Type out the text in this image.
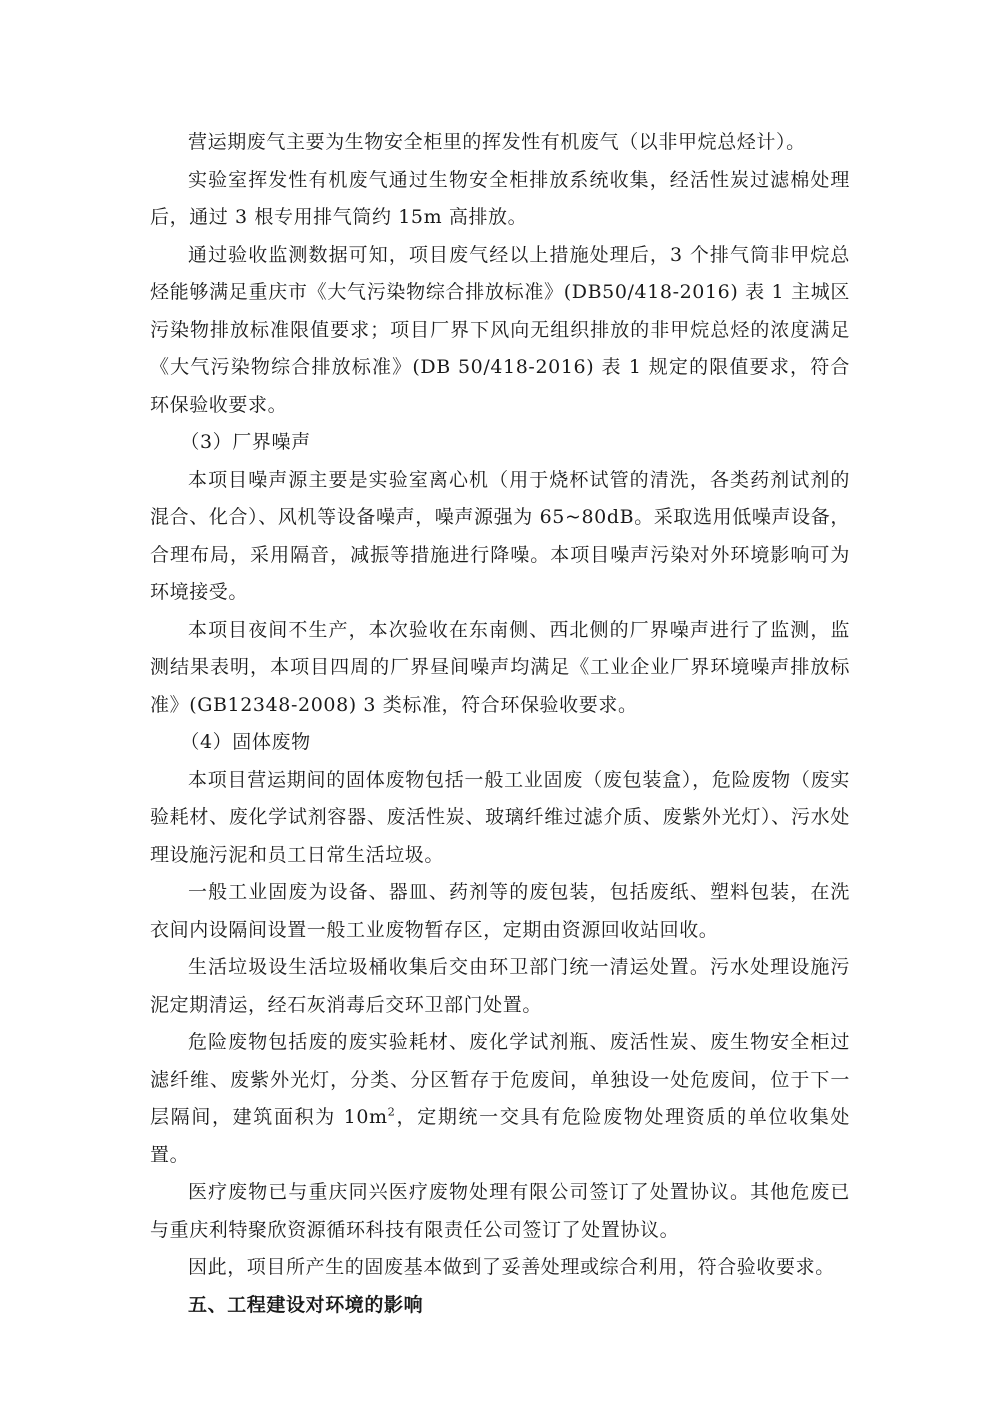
营运期废气主要为生物安全柜里的挥发性有机废气（以非甲烷总烃计）。

实验室挥发性有机废气通过生物安全柜排放系统收集，经活性炭过滤棉处理后，通过 3 根专用排气筒约 15m 高排放。

通过验收监测数据可知，项目废气经以上措施处理后，3 个排气筒非甲烷总烃能够满足重庆市《大气污染物综合排放标准》(DB50/418-2016) 表 1 主城区污染物排放标准限值要求；项目厂界下风向无组织排放的非甲烷总烃的浓度满足《大气污染物综合排放标准》(DB 50/418-2016) 表 1 规定的限值要求，符合环保验收要求。

（3）厂界噪声

本项目噪声源主要是实验室离心机（用于烧杯试管的清洗，各类药剂试剂的混合、化合）、风机等设备噪声，噪声源强为 65~80dB。采取选用低噪声设备，合理布局，采用隔音，减振等措施进行降噪。本项目噪声污染对外环境影响可为环境接受。

本项目夜间不生产，本次验收在东南侧、西北侧的厂界噪声进行了监测，监测结果表明，本项目四周的厂界昼间噪声均满足《工业企业厂界环境噪声排放标准》(GB12348-2008) 3 类标准，符合环保验收要求。

（4）固体废物

本项目营运期间的固体废物包括一般工业固废（废包装盒），危险废物（废实验耗材、废化学试剂容器、废活性炭、玻璃纤维过滤介质、废紫外光灯）、污水处理设施污泥和员工日常生活垃圾。

一般工业固废为设备、器皿、药剂等的废包装，包括废纸、塑料包装，在洗衣间内设隔间设置一般工业废物暂存区，定期由资源回收站回收。

生活垃圾设生活垃圾桶收集后交由环卫部门统一清运处置。污水处理设施污泥定期清运，经石灰消毒后交环卫部门处置。

危险废物包括废的废实验耗材、废化学试剂瓶、废活性炭、废生物安全柜过滤纤维、废紫外光灯，分类、分区暂存于危废间，单独设一处危废间，位于下一层隔间，建筑面积为 $10m^2$，定期统一交具有危险废物处理资质的单位收集处置。

医疗废物已与重庆同兴医疗废物处理有限公司签订了处置协议。其他危废已与重庆利特聚欣资源循环科技有限责任公司签订了处置协议。

因此，项目所产生的固废基本做到了妥善处理或综合利用，符合验收要求。

五、工程建设对环境的影响
